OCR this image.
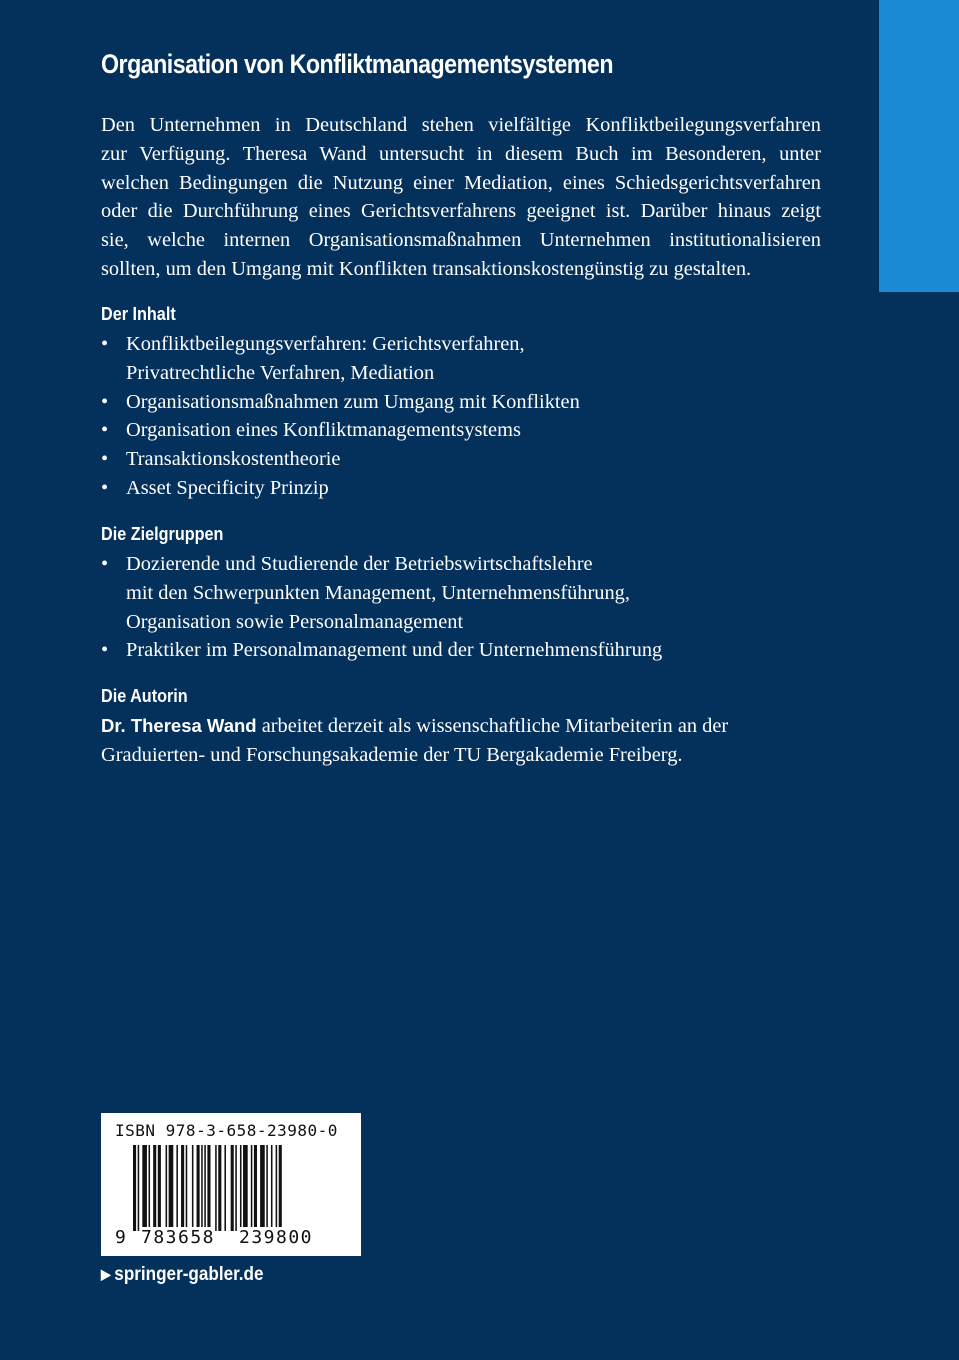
Organisation von Konfliktmanagementsystemen
Den Unternehmen in Deutschland stehen vielfältige Konfliktbeilegungsverfahren
zur Verfügung. Theresa Wand untersucht in diesem Buch im Besonderen, unter
welchen Bedingungen die Nutzung einer Mediation, eines Schiedsgerichtsverfahren
oder die Durchführung eines Gerichtsverfahrens geeignet ist. Darüber hinaus zeigt
sie, welche internen Organisationsmaßnahmen Unternehmen institutionalisieren
sollten, um den Umgang mit Konflikten transaktionskostengünstig zu gestalten.
Der Inhalt
• Konfliktbeilegungsverfahren: Gerichtsverfahren,
Privatrechtliche Verfahren, Mediation
• Organisationsmaßnahmen zum Umgang mit Konflikten
• Organisation eines Konfliktmanagementsystems
• Transaktionskostentheorie
• Asset Specificity Prinzip
Die Zielgruppen
• Dozierende und Studierende der Betriebswirtschaftslehre
mit den Schwerpunkten Management, Unternehmensführung,
Organisation sowie Personalmanagement
• Praktiker im Personalmanagement und der Unternehmensführung
Die Autorin
Dr. Theresa Wand arbeitet derzeit als wissenschaftliche Mitarbeiterin an der
Graduierten- und Forschungsakademie der TU Bergakademie Freiberg.
ISBN 978-3-658-23980-0
9 783658 239800
▶ springer-gabler.de
